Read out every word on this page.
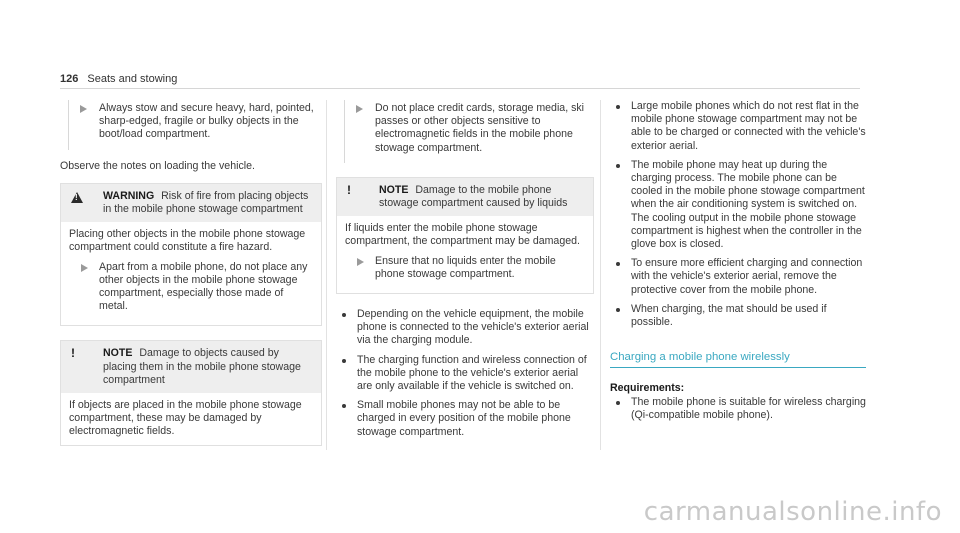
126 Seats and stowing
Always stow and secure heavy, hard, pointed, sharp-edged, fragile or bulky objects in the boot/load compartment.

Observe the notes on loading the vehicle.

!
WARNING Risk of fire from placing objects in the mobile phone stowage compartment
Placing other objects in the mobile phone stowage compartment could constitute a fire hazard.
Apart from a mobile phone, do not place any other objects in the mobile phone stowage compartment, especially those made of metal.
!	NOTE Damage to objects caused by placing them in the mobile phone stowage compartment
If objects are placed in the mobile phone stowage compartment, these may be damaged by electromagnetic fields.
Do not place credit cards, storage media, ski passes or other objects sensitive to electromagnetic fields in the mobile phone stowage compartment.
!	NOTE Damage to the mobile phone stowage compartment caused by liquids
If liquids enter the mobile phone stowage compartment, the compartment may be damaged.
Ensure that no liquids enter the mobile phone stowage compartment.
Depending on the vehicle equipment, the mobile phone is connected to the vehicle's exterior aerial via the charging module.
The charging function and wireless connection of the mobile phone to the vehicle's exterior aerial are only available if the vehicle is switched on.
Small mobile phones may not be able to be charged in every position of the mobile phone stowage compartment.
Large mobile phones which do not rest flat in the mobile phone stowage compartment may not be able to be charged or connected with the vehicle's exterior aerial.
The mobile phone may heat up during the charging process. The mobile phone can be cooled in the mobile phone stowage compartment when the air conditioning system is switched on. The cooling output in the mobile phone stowage compartment is highest when the controller in the glove box is closed.
To ensure more efficient charging and connection with the vehicle's exterior aerial, remove the protective cover from the mobile phone.
When charging, the mat should be used if possible.
Charging a mobile phone wirelessly
Requirements:
The mobile phone is suitable for wireless charging (Qi-compatible mobile phone).
carmanualsonline.info
